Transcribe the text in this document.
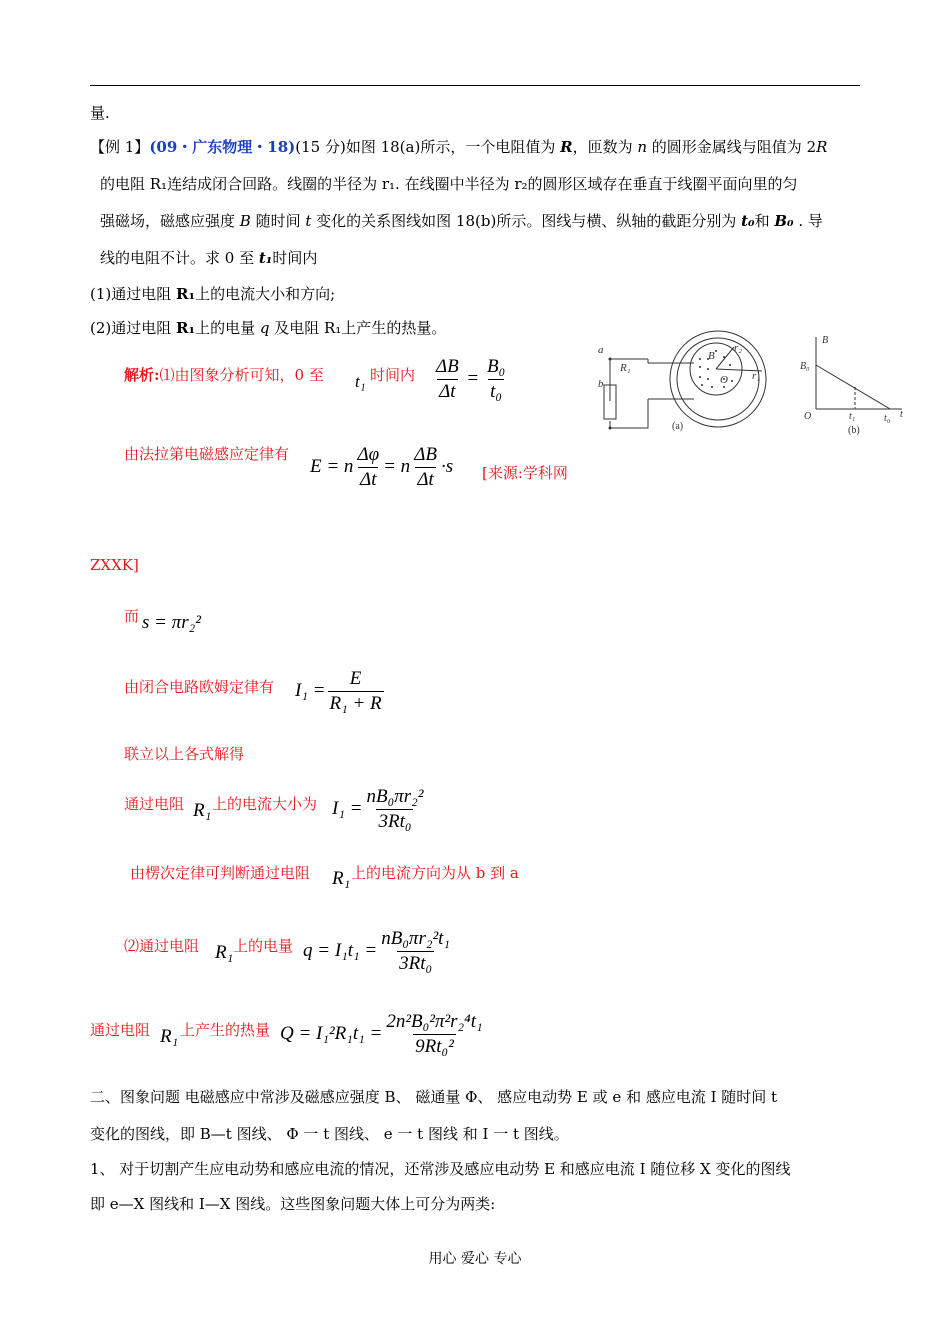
量.
【例 1】(09・广东物理・18)(15 分)如图 18(a)所示，一个电阻值为 R，匝数为 n 的圆形金属线与阻值为 2R
的电阻 R₁连结成闭合回路。线圈的半径为 r₁. 在线圈中半径为 r₂的圆形区域存在垂直于线圈平面向里的匀
强磁场，磁感应强度 B 随时间 t 变化的关系图线如图 18(b)所示。图线与横、纵轴的截距分别为 t₀和 B₀ . 导
线的电阻不计。求 0 至 t₁时间内
(1)通过电阻 R₁上的电流大小和方向;
(2)通过电阻 R₁上的电量 q 及电阻 R₁上产生的热量。
a
b
R₁
B
r₂
r₁
O
(a)
B
B₀
O	t₁	t₀ t
(b)
解析:⑴由图象分析可知，0 至 t₁ 时间内 $\frac{\Delta B}{\Delta t} = \frac{\text{B₀}}{\text{t₀}}$
由法拉第电磁感应定律有
E = n $\frac{\Delta\varphi}{\Delta t} = n \frac{\Delta B}{\Delta t} \cdot s$ [来源:学科网
ZXXK]
而 s = πr₂²
由闭合电路欧姆定律有 $I_1 = \frac{E}{\text{R₁ + R}}$
联立以上各式解得
通过电阻 R₁ 上的电流大小为 $I_1 = \frac{\text{nB₀πr₂²}}{\text{3Rt₀}}$
由楞次定律可判断通过电阻 R₁ 上的电流方向为从 b 到 a
⑵通过电阻 R₁ 上的电量 $q = I_1t_1 = \frac{\text{nB₀πr₂²t₁}}{\text{3Rt₀}}$
通过电阻 R₁ 上产生的热量 $Q = I_1^2R_1t_1 = \frac{\text{2n²B₀²π²r₂⁴t₁}}{\text{9Rt₀²}}$
二、图象问题 电磁感应中常涉及磁感应强度 B、 磁通量 Φ、 感应电动势 E 或 e 和 感应电流 I 随时间 t
变化的图线，即 B—t 图线、 Φ 一 t 图线、 e 一 t 图线 和 I 一 t 图线。
1、 对于切割产生应电动势和感应电流的情况，还常涉及感应电动势 E 和感应电流 I 随位移 X 变化的图线
即 e—X 图线和 I—X 图线。这些图象问题大体上可分为两类:
用心 爱心 专心
